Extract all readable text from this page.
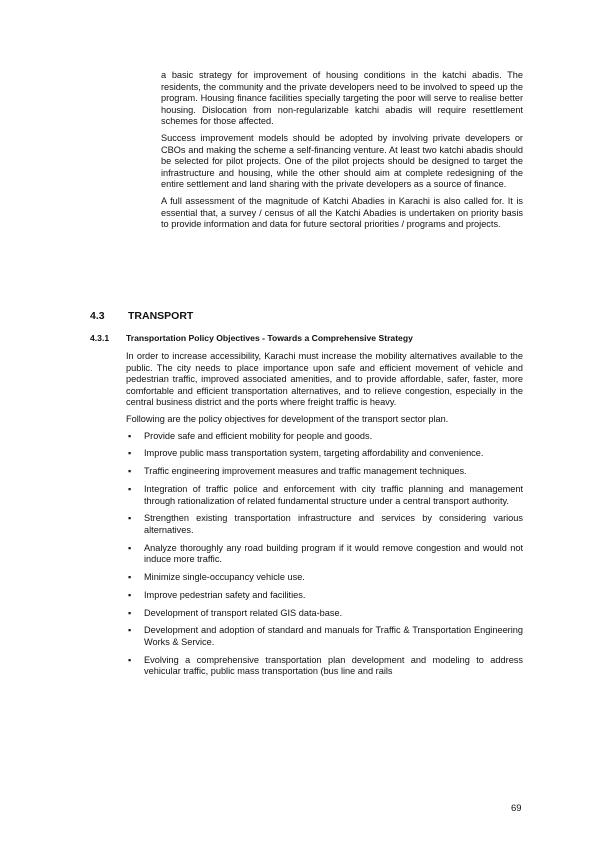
a basic strategy for improvement of housing conditions in the katchi abadis. The residents, the community and the private developers need to be involved to speed up the program. Housing finance facilities specially targeting the poor will serve to realise better housing. Dislocation from non-regularizable katchi abadis will require resettlement schemes for those affected.

Success improvement models should be adopted by involving private developers or CBOs and making the scheme a self-financing venture. At least two katchi abadis should be selected for pilot projects. One of the pilot projects should be designed to target the infrastructure and housing, while the other should aim at complete redesigning of the entire settlement and land sharing with the private developers as a source of finance.

A full assessment of the magnitude of Katchi Abadies in Karachi is also called for. It is essential that, a survey / census of all the Katchi Abadies is undertaken on priority basis to provide information and data for future sectoral priorities / programs and projects.

4.3 TRANSPORT
4.3.1 Transportation Policy Objectives - Towards a Comprehensive Strategy

In order to increase accessibility, Karachi must increase the mobility alternatives available to the public. The city needs to place importance upon safe and efficient movement of vehicle and pedestrian traffic, improved associated amenities, and to provide affordable, safer, faster, more comfortable and efficient transportation alternatives, and to relieve congestion, especially in the central business district and the ports where freight traffic is heavy.

Following are the policy objectives for development of the transport sector plan.

▪ Provide safe and efficient mobility for people and goods.
▪ Improve public mass transportation system, targeting affordability and convenience.
▪ Traffic engineering improvement measures and traffic management techniques.
▪ Integration of traffic police and enforcement with city traffic planning and management through rationalization of related fundamental structure under a central transport authority.
▪ Strengthen existing transportation infrastructure and services by considering various alternatives.
▪ Analyze thoroughly any road building program if it would remove congestion and would not induce more traffic.
▪ Minimize single-occupancy vehicle use.
▪ Improve pedestrian safety and facilities.
▪ Development of transport related GIS data-base.
▪ Development and adoption of standard and manuals for Traffic & Transportation Engineering Works & Service.
▪ Evolving a comprehensive transportation plan development and modeling to address vehicular traffic, public mass transportation (bus line and rails
69
